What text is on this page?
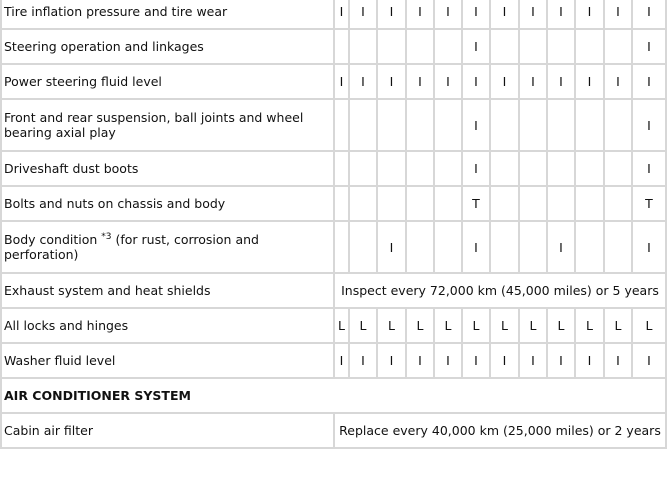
Tire inflation pressure and tire wear	I	I	I	I	I	I	I	I	I	I	I	I
Steering operation and linkages						I						I
Power steering fluid level	I	I	I	I	I	I	I	I	I	I	I	I
Front and rear suspension, ball joints and wheel
bearing axial play						I						I
Driveshaft dust boots						I						I
Bolts and nuts on chassis and body						T						T
Body condition $^{*3}$ (for rust, corrosion and
perforation)			I			I			I			I
Exhaust system and heat shields	Inspect every 72,000 km (45,000 miles) or 5 years											
All locks and hinges	L	L	L	L	L	L	L	L	L	L	L	L
Washer fluid level	I	I	I	I	I	I	I	I	I	I	I	I
AIR CONDITIONER SYSTEM												
Cabin air filter	Replace every 40,000 km (25,000 miles) or 2 years											
